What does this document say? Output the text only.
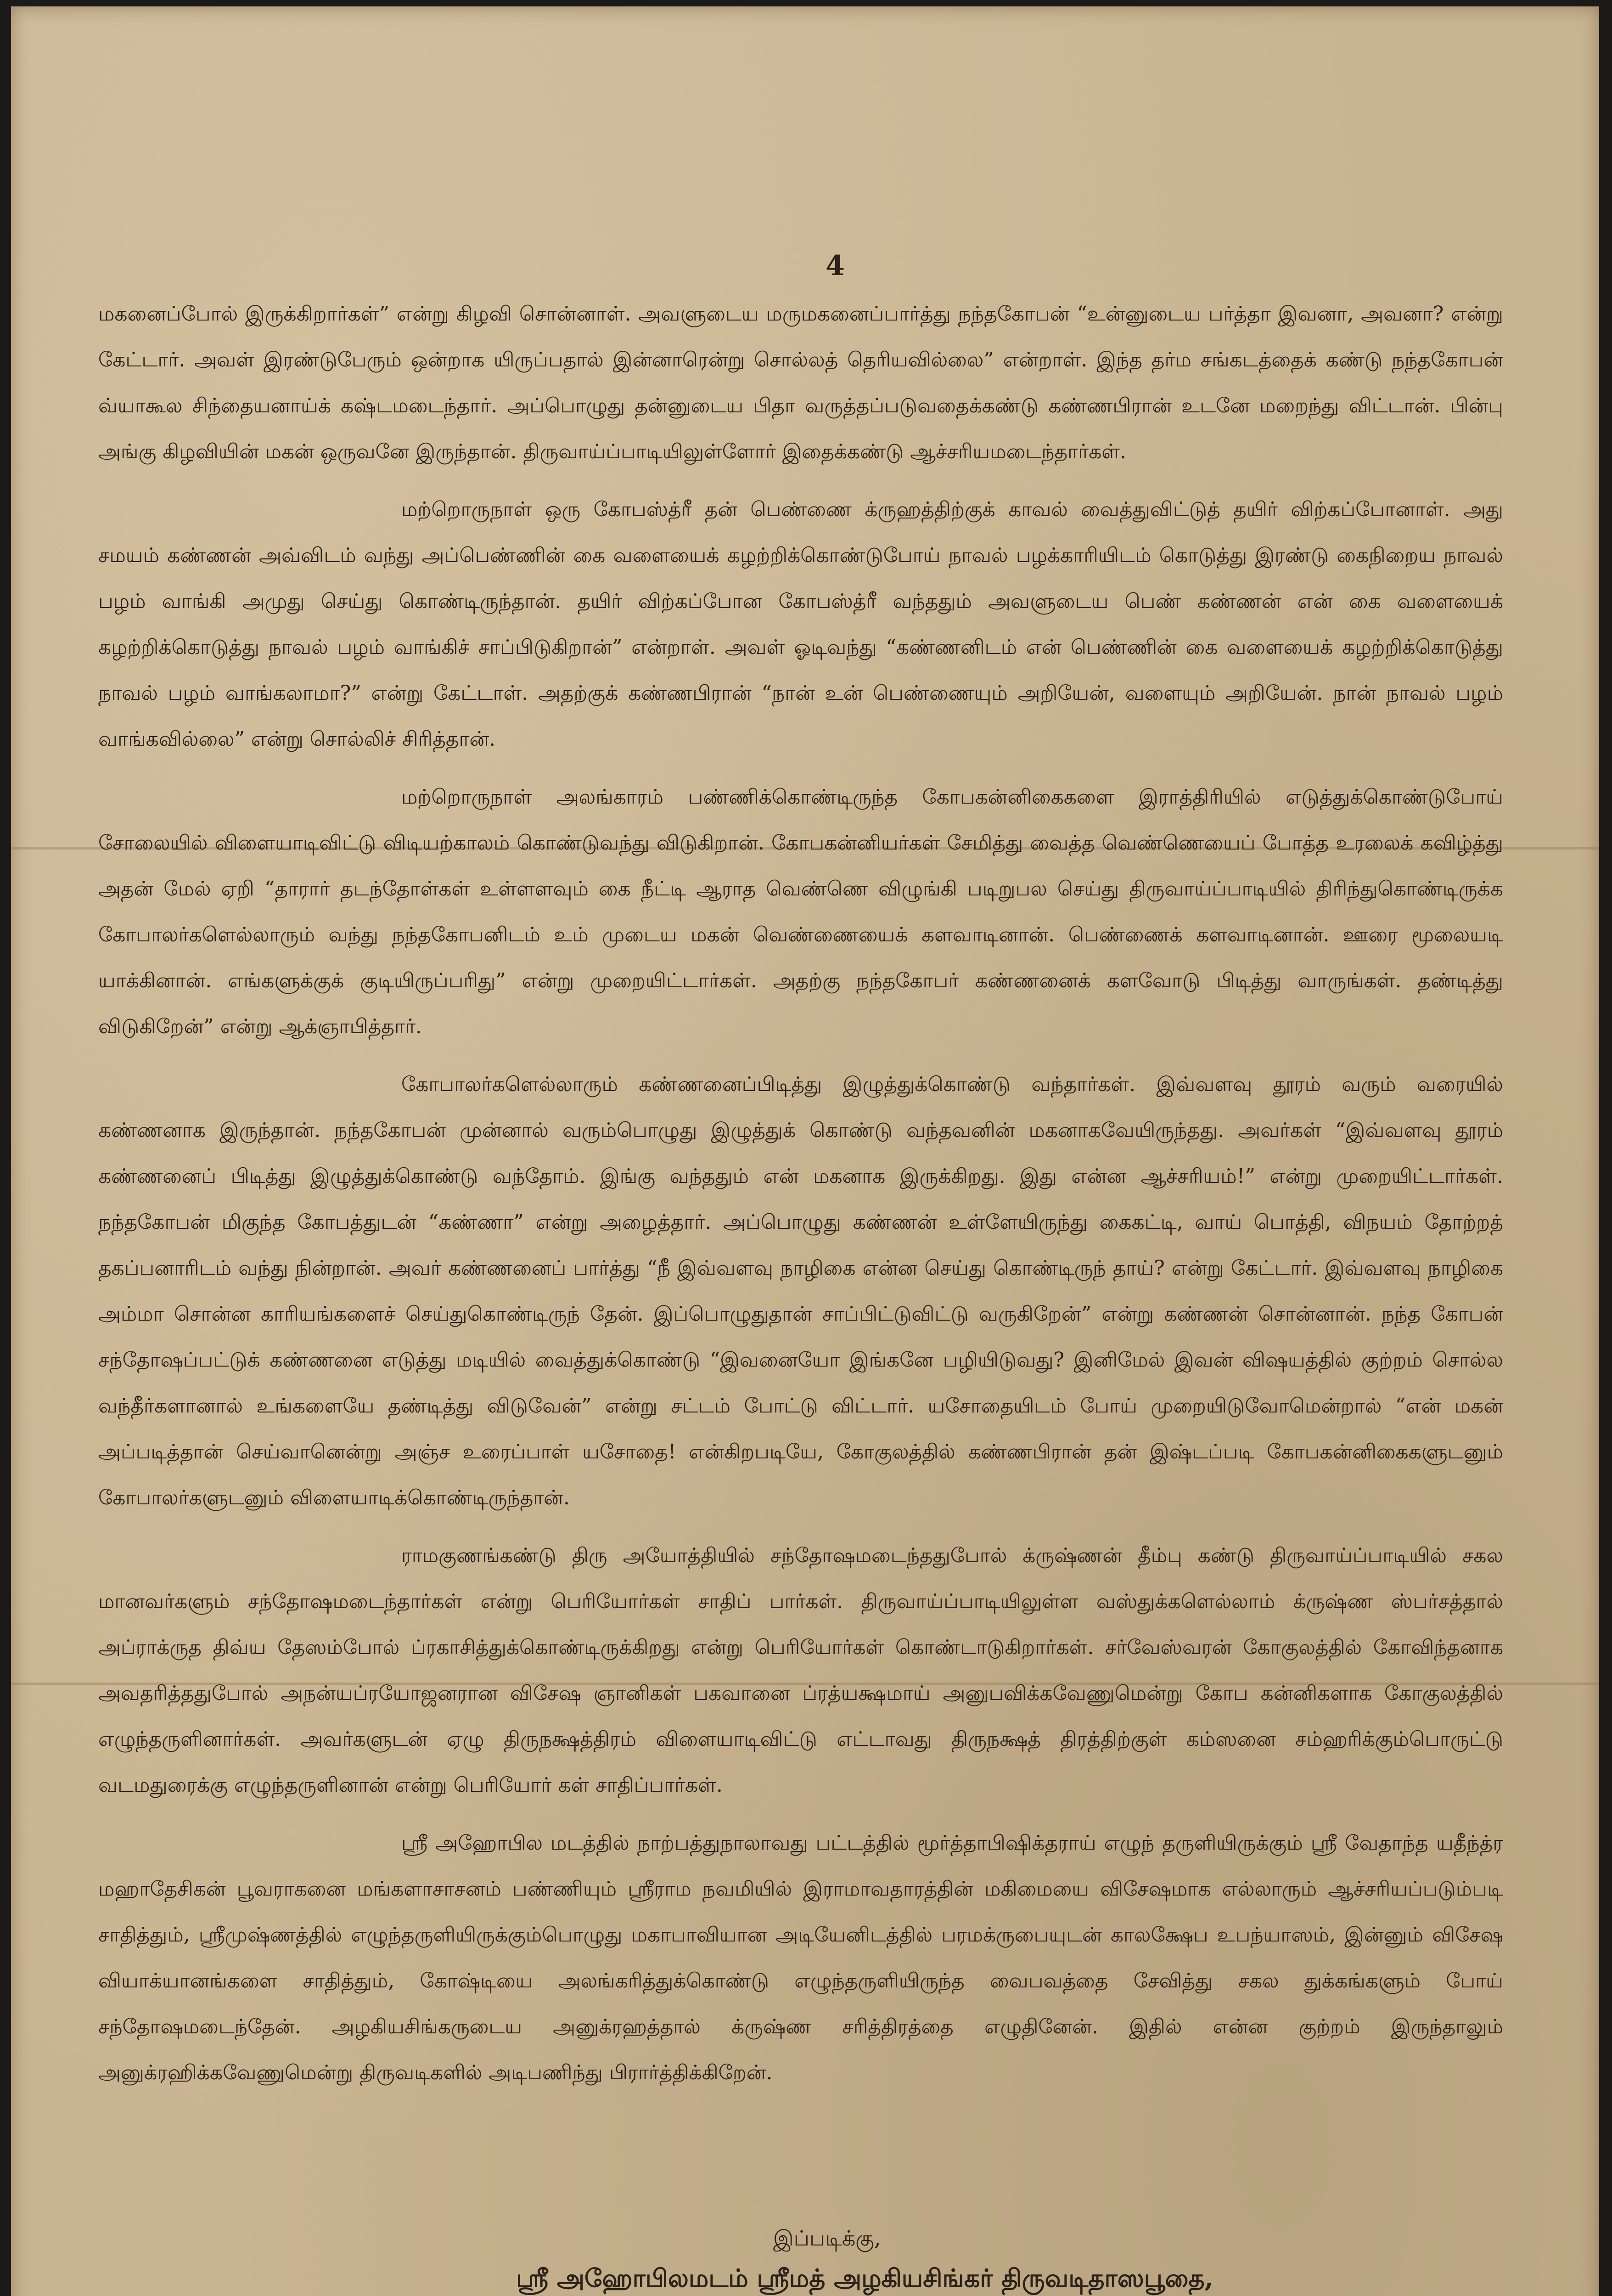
4

மகனைப்போல் இருக்கிறார்கள்” என்று கிழவி சொன்னாள். அவளுடைய மருமகனைப்பார்த்து நந்தகோபன் “உன்னுடைய பர்த்தா இவனா, அவனா? என்று கேட்டார். அவள் இரண்டுபேரும் ஒன்றாக யிருப்பதால் இன்னாரென்று சொல்லத் தெரியவில்லை” என்றாள். இந்த தர்ம சங்கடத்தைக் கண்டு நந்தகோபன் வ்யாகூல சிந்தையனாய்க் கஷ்டமடைந்தார். அப்பொழுது தன்னுடைய பிதா வருத்தப்படுவதைக்கண்டு கண்ணபிரான் உடனே மறைந்து விட்டான். பின்பு அங்கு கிழவியின் மகன் ஒருவனே இருந்தான். திருவாய்ப்பாடியிலுள்ளோர் இதைக்கண்டு ஆச்சரியமடைந்தார்கள்.

மற்றொருநாள் ஒரு கோபஸ்த்ரீ தன் பெண்ணை க்ருஹத்திற்குக் காவல் வைத்துவிட்டுத் தயிர் விற்கப்போனாள். அது சமயம் கண்ணன் அவ்விடம் வந்து அப்பெண்ணின் கை வளையைக் கழற்றிக்கொண்டுபோய் நாவல் பழக்காரியிடம் கொடுத்து இரண்டு கைநிறைய நாவல் பழம் வாங்கி அமுது செய்து கொண்டிருந்தான். தயிர் விற்கப்போன கோபஸ்த்ரீ வந்ததும் அவளுடைய பெண் கண்ணன் என் கை வளையைக் கழற்றிக்கொடுத்து நாவல் பழம் வாங்கிச் சாப்பிடுகிறான்” என்றாள். அவள் ஓடிவந்து “கண்ணனிடம் என் பெண்ணின் கை வளையைக் கழற்றிக்கொடுத்து நாவல் பழம் வாங்கலாமா?” என்று கேட்டாள். அதற்குக் கண்ணபிரான் “நான் உன் பெண்ணையும் அறியேன், வளையும் அறியேன். நான் நாவல் பழம் வாங்கவில்லை” என்று சொல்லிச் சிரித்தான்.

மற்றொருநாள் அலங்காரம் பண்ணிக்கொண்டிருந்த கோபகன்னிகைகளை இராத்திரியில் எடுத்துக்கொண்டுபோய் சோலையில் விளையாடிவிட்டு விடியற்காலம் கொண்டுவந்து விடுகிறான். கோபகன்னியர்கள் சேமித்து வைத்த வெண்ணெயைப் போத்த உரலைக் கவிழ்த்து அதன் மேல் ஏறி “தாரார் தடந்தோள்கள் உள்ளளவும் கை நீட்டி ஆராத வெண்ணெ விழுங்கி படிறுபல செய்து திருவாய்ப்பாடியில் திரிந்துகொண்டிருக்க கோபாலர்களெல்லாரும் வந்து நந்தகோபனிடம் உம் முடைய மகன் வெண்ணையைக் களவாடினான். பெண்ணைக் களவாடினான். ஊரை மூலையடி யாக்கினான். எங்களுக்குக் குடியிருப்பரிது” என்று முறையிட்டார்கள். அதற்கு நந்தகோபர் கண்ணனைக் களவோடு பிடித்து வாருங்கள். தண்டித்து விடுகிறேன்” என்று ஆக்ஞாபித்தார்.

கோபாலர்களெல்லாரும் கண்ணனைப்பிடித்து இழுத்துக்கொண்டு வந்தார்கள். இவ்வளவு தூரம் வரும் வரையில் கண்ணனாக இருந்தான். நந்தகோபன் முன்னால் வரும்பொழுது இழுத்துக் கொண்டு வந்தவனின் மகனாகவேயிருந்தது. அவர்கள் “இவ்வளவு தூரம் கண்ணனைப் பிடித்து இழுத்துக்கொண்டு வந்தோம். இங்கு வந்ததும் என் மகனாக இருக்கிறது. இது என்ன ஆச்சரியம்!” என்று முறையிட்டார்கள். நந்தகோபன் மிகுந்த கோபத்துடன் “கண்ணா” என்று அழைத்தார். அப்பொழுது கண்ணன் உள்ளேயிருந்து கைகட்டி, வாய் பொத்தி, விநயம் தோற்றத் தகப்பனாரிடம் வந்து நின்றான். அவர் கண்ணனைப் பார்த்து “நீ இவ்வளவு நாழிகை என்ன செய்து கொண்டிருந் தாய்? என்று கேட்டார். இவ்வளவு நாழிகை அம்மா சொன்ன காரியங்களைச் செய்துகொண்டிருந் தேன். இப்பொழுதுதான் சாப்பிட்டுவிட்டு வருகிறேன்” என்று கண்ணன் சொன்னான். நந்த கோபன் சந்தோஷப்பட்டுக் கண்ணனை எடுத்து மடியில் வைத்துக்கொண்டு “இவனையோ இங்கனே பழியிடுவது? இனிமேல் இவன் விஷயத்தில் குற்றம் சொல்ல வந்தீர்களானால் உங்களையே தண்டித்து விடுவேன்” என்று சட்டம் போட்டு விட்டார். யசோதையிடம் போய் முறையிடுவோமென்றால் “என் மகன் அப்படித்தான் செய்வானென்று அஞ்ச உரைப்பாள் யசோதை! என்கிறபடியே, கோகுலத்தில் கண்ணபிரான் தன் இஷ்டப்படி கோபகன்னிகைகளுடனும் கோபாலர்களுடனும் விளையாடிக்கொண்டிருந்தான்.

ராமகுணங்கண்டு திரு அயோத்தியில் சந்தோஷமடைந்ததுபோல் க்ருஷ்ணன் தீம்பு கண்டு திருவாய்ப்பாடியில் சகல மானவர்களும் சந்தோஷமடைந்தார்கள் என்று பெரியோர்கள் சாதிப் பார்கள். திருவாய்ப்பாடியிலுள்ள வஸ்துக்களெல்லாம் க்ருஷ்ண ஸ்பர்சத்தால் அப்ராக்ருத திவ்ய தேஸம்போல் ப்ரகாசித்துக்கொண்டிருக்கிறது என்று பெரியோர்கள் கொண்டாடுகிறார்கள். சர்வேஸ்வரன் கோகுலத்தில் கோவிந்தனாக அவதரித்ததுபோல் அநன்யப்ரயோஜனரான விசேஷ ஞானிகள் பகவானை ப்ரத்யக்ஷமாய் அனுபவிக்கவேணுமென்று கோப கன்னிகளாக கோகுலத்தில் எழுந்தருளினார்கள். அவர்களுடன் ஏழு திருநக்ஷத்திரம் விளையாடிவிட்டு எட்டாவது திருநக்ஷத் திரத்திற்குள் கம்ஸனை சம்ஹரிக்கும்பொருட்டு வடமதுரைக்கு எழுந்தருளினான் என்று பெரியோர் கள் சாதிப்பார்கள்.

ஸ்ரீ அஹோபில மடத்தில் நாற்பத்துநாலாவது பட்டத்தில் மூர்த்தாபிஷிக்தராய் எழுந் தருளியிருக்கும் ஸ்ரீ வேதாந்த யதீந்த்ர மஹாதேசிகன் பூவராகனை மங்களாசாசனம் பண்ணியும் ஸ்ரீராம நவமியில் இராமாவதாரத்தின் மகிமையை விசேஷமாக எல்லாரும் ஆச்சரியப்படும்படி சாதித்தும், ஸ்ரீமுஷ்ணத்தில் எழுந்தருளியிருக்கும்பொழுது மகாபாவியான அடியேனிடத்தில் பரமக்ருபையுடன் காலக்ஷேப உபந்யாஸம், இன்னும் விசேஷ வியாக்யானங்களை சாதித்தும், கோஷ்டியை அலங்கரித்துக்கொண்டு எழுந்தருளியிருந்த வைபவத்தை சேவித்து சகல துக்கங்களும் போய் சந்தோஷமடைந்தேன். அழகியசிங்கருடைய அனுக்ரஹத்தால் க்ருஷ்ண சரித்திரத்தை எழுதினேன். இதில் என்ன குற்றம் இருந்தாலும் அனுக்ரஹிக்கவேணுமென்று திருவடிகளில் அடிபணிந்து பிரார்த்திக்கிறேன்.

இப்படிக்கு,
ஸ்ரீ அஹோபிலமடம் ஸ்ரீமத் அழகியசிங்கர் திருவடிதாஸபூதை,
